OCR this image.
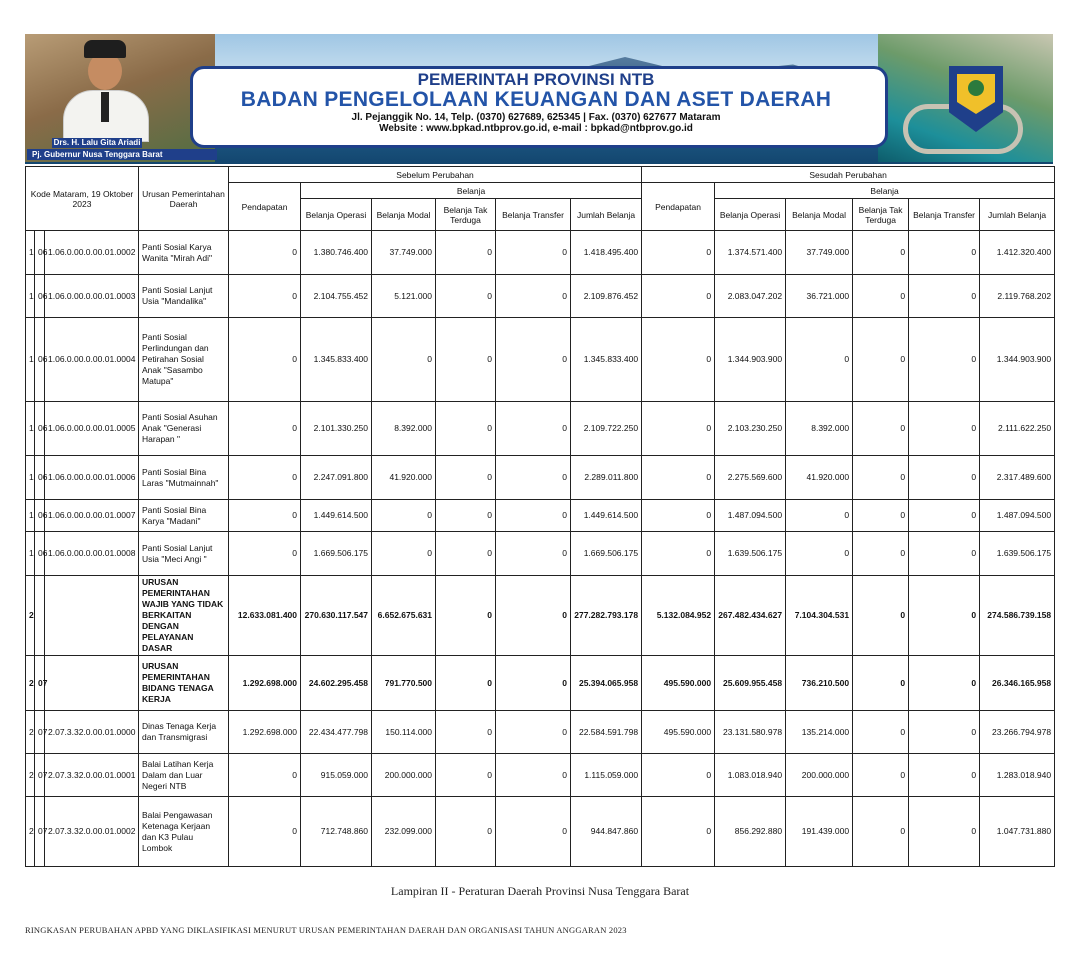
Drs. H. Lalu Gita Ariadi
Pj. Gubernur Nusa Tenggara Barat
PEMERINTAH PROVINSI NTB
BADAN PENGELOLAAN KEUANGAN DAN ASET DAERAH
Jl. Pejanggik No. 14, Telp. (0370) 627689, 625345 | Fax. (0370) 627677 Mataram
Website : www.bpkad.ntbprov.go.id, e-mail : bpkad@ntbprov.go.id
Kode Mataram, 19 Oktober 2023			Urusan Pemerintahan Daerah	Sebelum Perubahan						Sesudah Perubahan					
				Pendapatan	Belanja					Pendapatan	Belanja				
					Belanja Operasi	Belanja Modal	Belanja Tak Terduga	Belanja Transfer	Jumlah Belanja		Belanja Operasi	Belanja Modal	Belanja Tak Terduga	Belanja Transfer	Jumlah Belanja
1	06	1.06.0.00.0.00.01.0002	Panti Sosial Karya Wanita "Mirah Adi"	0	1.380.746.400	37.749.000	0	0	1.418.495.400	0	1.374.571.400	37.749.000	0	0	1.412.320.400
1	06	1.06.0.00.0.00.01.0003	Panti Sosial Lanjut Usia "Mandalika"	0	2.104.755.452	5.121.000	0	0	2.109.876.452	0	2.083.047.202	36.721.000	0	0	2.119.768.202
1	06	1.06.0.00.0.00.01.0004	Panti Sosial Perlindungan dan Petirahan Sosial Anak "Sasambo Matupa"	0	1.345.833.400	0	0	0	1.345.833.400	0	1.344.903.900	0	0	0	1.344.903.900
1	06	1.06.0.00.0.00.01.0005	Panti Sosial Asuhan Anak "Generasi Harapan "	0	2.101.330.250	8.392.000	0	0	2.109.722.250	0	2.103.230.250	8.392.000	0	0	2.111.622.250
1	06	1.06.0.00.0.00.01.0006	Panti Sosial Bina Laras "Mutmainnah"	0	2.247.091.800	41.920.000	0	0	2.289.011.800	0	2.275.569.600	41.920.000	0	0	2.317.489.600
1	06	1.06.0.00.0.00.01.0007	Panti Sosial Bina Karya "Madani"	0	1.449.614.500	0	0	0	1.449.614.500	0	1.487.094.500	0	0	0	1.487.094.500
1	06	1.06.0.00.0.00.01.0008	Panti Sosial Lanjut Usia "Meci Angi "	0	1.669.506.175	0	0	0	1.669.506.175	0	1.639.506.175	0	0	0	1.639.506.175
2			URUSAN PEMERINTAHAN WAJIB YANG TIDAK BERKAITAN DENGAN PELAYANAN DASAR	12.633.081.400	270.630.117.547	6.652.675.631	0	0	277.282.793.178	5.132.084.952	267.482.434.627	7.104.304.531	0	0	274.586.739.158
2	07		URUSAN PEMERINTAHAN BIDANG TENAGA KERJA	1.292.698.000	24.602.295.458	791.770.500	0	0	25.394.065.958	495.590.000	25.609.955.458	736.210.500	0	0	26.346.165.958
2	07	2.07.3.32.0.00.01.0000	Dinas Tenaga Kerja dan Transmigrasi	1.292.698.000	22.434.477.798	150.114.000	0	0	22.584.591.798	495.590.000	23.131.580.978	135.214.000	0	0	23.266.794.978
2	07	2.07.3.32.0.00.01.0001	Balai Latihan Kerja Dalam dan Luar Negeri NTB	0	915.059.000	200.000.000	0	0	1.115.059.000	0	1.083.018.940	200.000.000	0	0	1.283.018.940
2	07	2.07.3.32.0.00.01.0002	Balai Pengawasan Ketenaga Kerjaan dan K3 Pulau Lombok	0	712.748.860	232.099.000	0	0	944.847.860	0	856.292.880	191.439.000	0	0	1.047.731.880
Lampiran II - Peraturan Daerah Provinsi Nusa Tenggara Barat
RINGKASAN PERUBAHAN APBD YANG DIKLASIFIKASI MENURUT URUSAN PEMERINTAHAN DAERAH DAN ORGANISASI TAHUN ANGGARAN 2023
